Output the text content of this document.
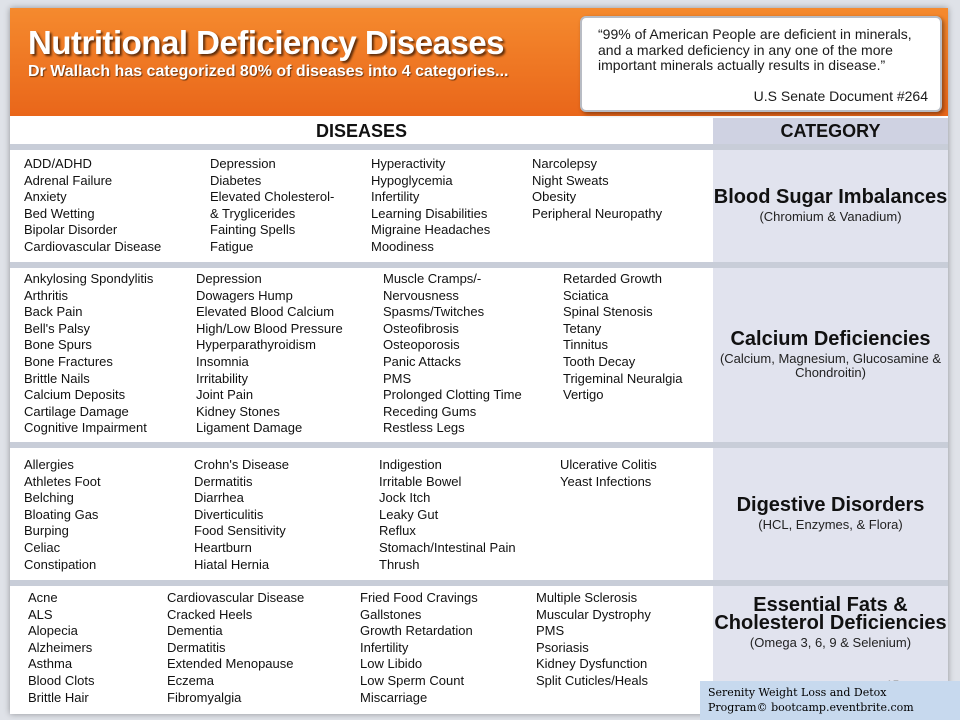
Nutritional Deficiency Diseases
Dr Wallach has categorized 80% of diseases into 4 categories...
“99% of American People are deficient in minerals, and a marked deficiency in any one of the more important minerals actually results in disease.”
U.S Senate Document #264
DISEASES	CATEGORY
ADD/ADHD
Adrenal Failure
Anxiety
Bed Wetting
Bipolar Disorder
Cardiovascular Disease
Depression
Diabetes
Elevated Cholesterol-
& Tryglicerides
Fainting Spells
Fatigue
Hyperactivity
Hypoglycemia
Infertility
Learning Disabilities
Migraine Headaches
Moodiness
Narcolepsy
Night Sweats
Obesity
Peripheral Neuropathy
Blood Sugar Imbalances
(Chromium & Vanadium)
Ankylosing Spondylitis
Arthritis
Back Pain
Bell's Palsy
Bone Spurs
Bone Fractures
Brittle Nails
Calcium Deposits
Cartilage Damage
Cognitive Impairment
Depression
Dowagers Hump
Elevated Blood Calcium
High/Low Blood Pressure
Hyperparathyroidism
Insomnia
Irritability
Joint Pain
Kidney Stones
Ligament Damage
Muscle Cramps/-
Nervousness
Spasms/Twitches
Osteofibrosis
Osteoporosis
Panic Attacks
PMS
Prolonged Clotting Time
Receding Gums
Restless Legs
Retarded Growth
Sciatica
Spinal Stenosis
Tetany
Tinnitus
Tooth Decay
Trigeminal Neuralgia
Vertigo
Calcium Deficiencies
(Calcium, Magnesium, Glucosamine & Chondroitin)
Allergies
Athletes Foot
Belching
Bloating Gas
Burping
Celiac
Constipation
Crohn's Disease
Dermatitis
Diarrhea
Diverticulitis
Food Sensitivity
Heartburn
Hiatal Hernia
Indigestion
Irritable Bowel
Jock Itch
Leaky Gut
Reflux
Stomach/Intestinal Pain
Thrush
Ulcerative Colitis
Yeast Infections
Digestive Disorders
(HCL, Enzymes, & Flora)
Acne
ALS
Alopecia
Alzheimers
Asthma
Blood Clots
Brittle Hair
Cardiovascular Disease
Cracked Heels
Dementia
Dermatitis
Extended Menopause
Eczema
Fibromyalgia
Fried Food Cravings
Gallstones
Growth Retardation
Infertility
Low Libido
Low Sperm Count
Miscarriage
Multiple Sclerosis
Muscular Dystrophy
PMS
Psoriasis
Kidney Dysfunction
Split Cuticles/Heals
Essential Fats & Cholesterol Deficiencies
(Omega 3, 6, 9 & Selenium)
Serenity Weight Loss and Detox
Program© bootcamp.eventbrite.com
